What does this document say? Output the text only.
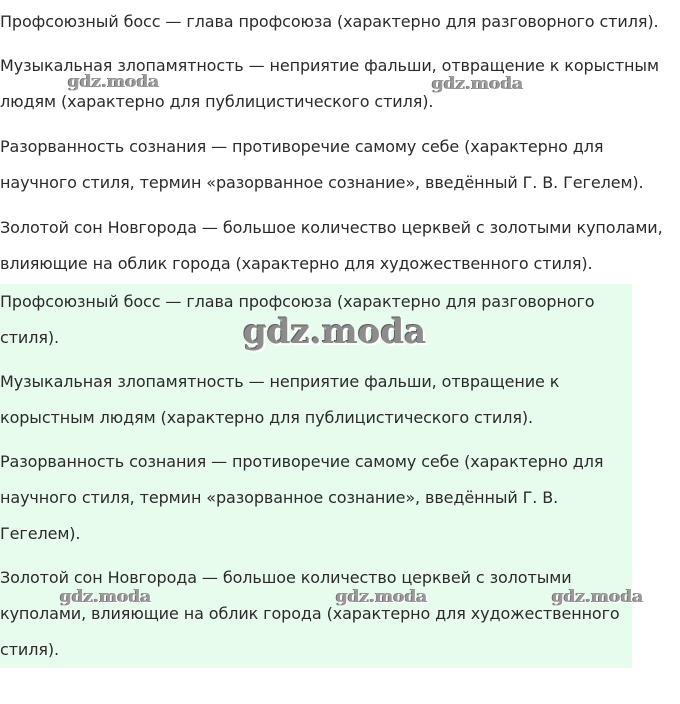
Профсоюзный босс — глава профсоюза (характерно для разговорного стиля).

Музыкальная злопамятность — неприятие фальши, отвращение к корыстным людям (характерно для публицистического стиля).

Разорванность сознания — противоречие самому себе (характерно для научного стиля, термин «разорванное сознание», введённый Г. В. Гегелем).

Золотой сон Новгорода — большое количество церквей с золотыми куполами, влияющие на облик города (характерно для художественного стиля).

Профсоюзный босс — глава профсоюза (характерно для разговорного стиля).

Музыкальная злопамятность — неприятие фальши, отвращение к корыстным людям (характерно для публицистического стиля).

Разорванность сознания — противоречие самому себе (характерно для научного стиля, термин «разорванное сознание», введённый Г. В. Гегелем).

Золотой сон Новгорода — большое количество церквей с золотыми куполами, влияющие на облик города (характерно для художественного стиля).

gdz.moda	gdz.moda
gdz.moda
gdz.moda	gdz.moda	gdz.moda
